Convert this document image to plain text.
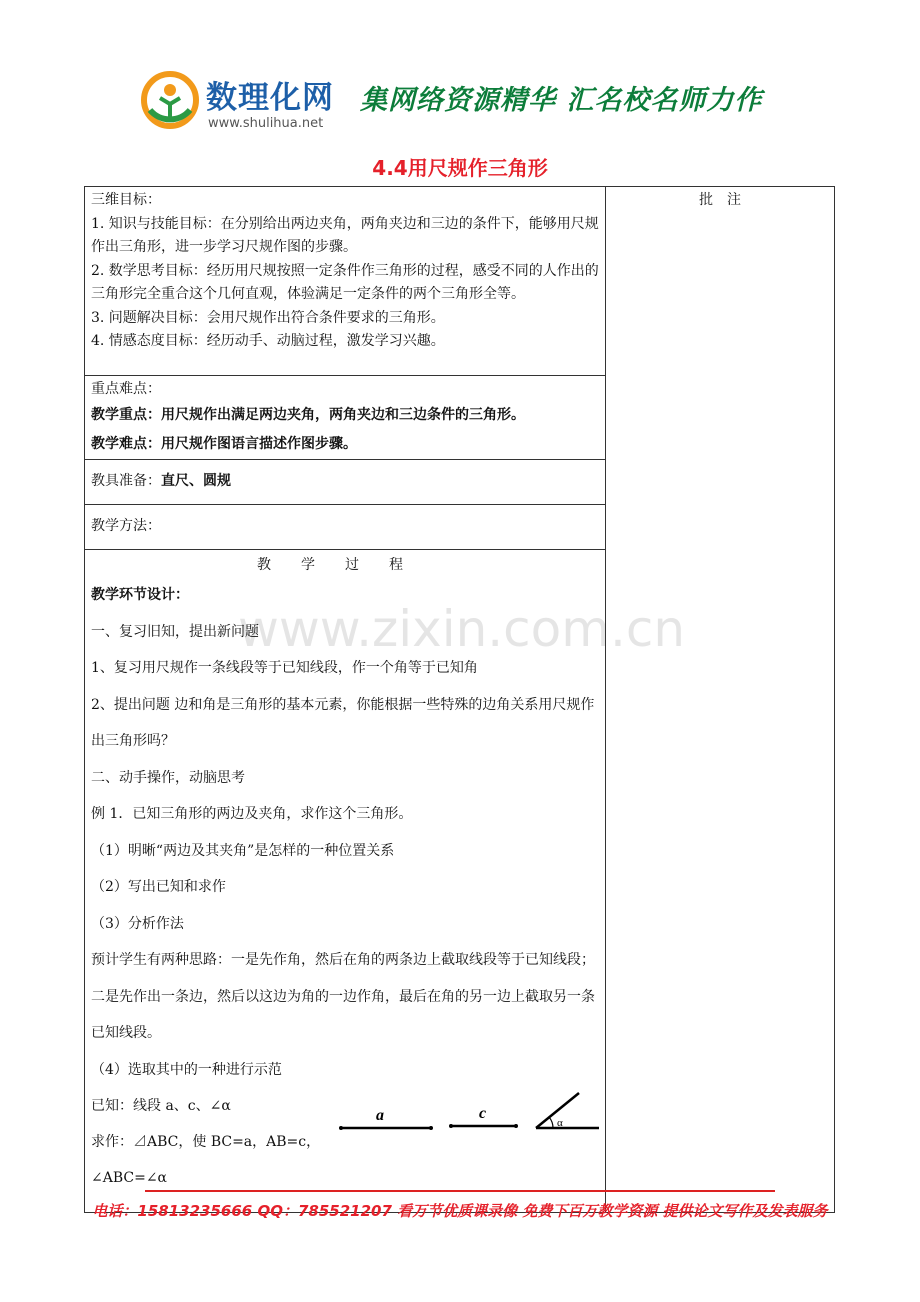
数理化网
www.shulihua.net
集网络资源精华 汇名校名师力作
4.4用尺规作三角形
www.zixin.com.cn
三维目标：
1. 知识与技能目标：在分别给出两边夹角，两角夹边和三边的条件下，能够用尺规作出三角形，进一步学习尺规作图的步骤。
2. 数学思考目标：经历用尺规按照一定条件作三角形的过程，感受不同的人作出的三角形完全重合这个几何直观，体验满足一定条件的两个三角形全等。
3. 问题解决目标：会用尺规作出符合条件要求的三角形。
4. 情感态度目标：经历动手、动脑过程，激发学习兴趣。
	批　注

重点难点：
教学重点：用尺规作出满足两边夹角，两角夹边和三边条件的三角形。
教学难点：用尺规作图语言描述作图步骤。

教具准备：直尺、圆规
教学方法：

教学过程

教学环节设计：

一、复习旧知，提出新问题

1、复习用尺规作一条线段等于已知线段，作一个角等于已知角

2、提出问题 边和角是三角形的基本元素，你能根据一些特殊的边角关系用尺规作出三角形吗？

二、动手操作，动脑思考

例 1．已知三角形的两边及夹角，求作这个三角形。

（1）明晰“两边及其夹角”是怎样的一种位置关系

（2）写出已知和求作

（3）分析作法

预计学生有两种思路：一是先作角，然后在角的两条边上截取线段等于已知线段；二是先作出一条边，然后以这边为角的一边作角，最后在角的另一边上截取另一条已知线段。

（4）选取其中的一种进行示范

已知：线段 a、c、∠α
求作：⊿ABC，使 BC=a，AB=c，∠ABC=∠α
a	c
α
电话：15813235666 QQ：785521207 看万节优质课录像 免费下百万教学资源 提供论文写作及发表服务
